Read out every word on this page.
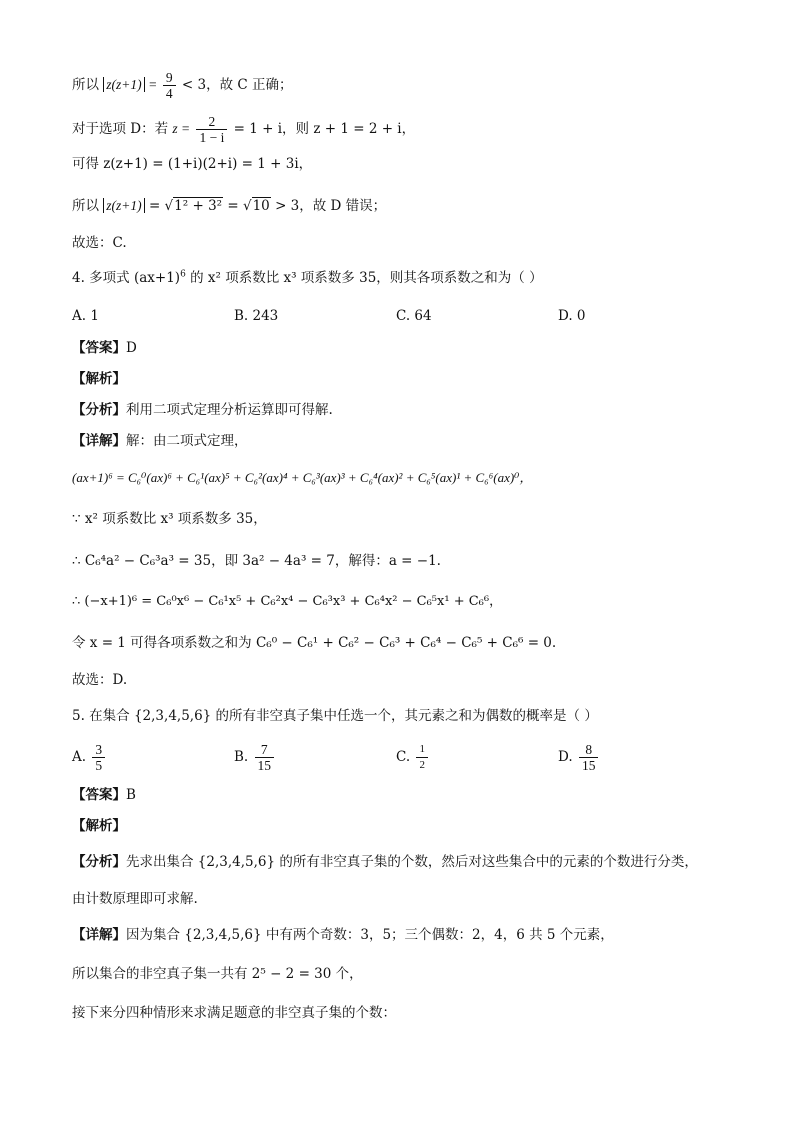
所以 $z(z+1) = \frac{9}{4} < 3$，故 C 正确；
对于选项 D：若 $z = \frac{2}{1 - i} = 1 + i$，则 z + 1 = 2 + i，
可得 z(z+1) = (1+i)(2+i) = 1 + 3i，
所以 z(z+1) = √1² + 3² = √10 > 3，故 D 错误；
故选：C.
4. 多项式 $(ax+1)^6$ 的 x² 项系数比 x³ 项系数多 35，则其各项系数之和为（ ）
A. 1	B. 243	C. 64	D. 0
【答案】D
【解析】
【分析】利用二项式定理分析运算即可得解.
【详解】解：由二项式定理，
(ax+1)⁶ = C₆⁰(ax)⁶ + C₆¹(ax)⁵ + C₆²(ax)⁴ + C₆³(ax)³ + C₆⁴(ax)² + C₆⁵(ax)¹ + C₆⁶(ax)⁰，
∵ x² 项系数比 x³ 项系数多 35，
∴ C₆⁴a² − C₆³a³ = 35，即 3a² − 4a³ = 7，解得：a = −1.
∴ (−x+1)⁶ = C₆⁰x⁶ − C₆¹x⁵ + C₆²x⁴ − C₆³x³ + C₆⁴x² − C₆⁵x¹ + C₆⁶，
令 x = 1 可得各项系数之和为 C₆⁰ − C₆¹ + C₆² − C₆³ + C₆⁴ − C₆⁵ + C₆⁶ = 0.
故选：D.
5. 在集合 {2,3,4,5,6} 的所有非空真子集中任选一个，其元素之和为偶数的概率是（ ）
A. $\frac{3}{5}$	B. $\frac{7}{15}$	C. $\frac{1}{2}$	D. $\frac{8}{15}$
【答案】B
【解析】
【分析】先求出集合 {2,3,4,5,6} 的所有非空真子集的个数，然后对这些集合中的元素的个数进行分类，
由计数原理即可求解.
【详解】因为集合 {2,3,4,5,6} 中有两个奇数：3，5；三个偶数：2，4，6 共 5 个元素，
所以集合的非空真子集一共有 2⁵ − 2 = 30 个，
接下来分四种情形来求满足题意的非空真子集的个数：
